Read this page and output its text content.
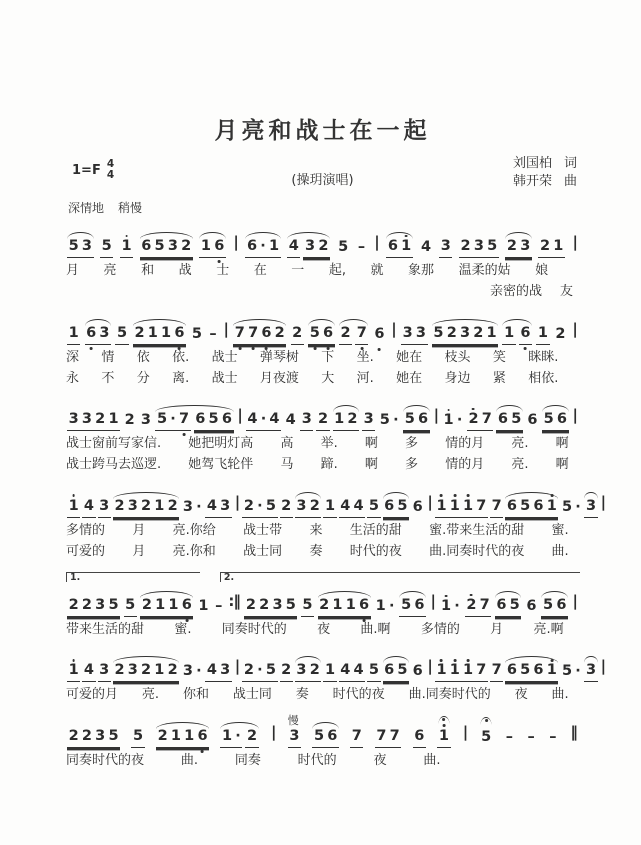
月亮和战士在一起
1=F 4
4	(操玥演唱)
刘国柏 词
韩开荣 曲
深情地 稍慢
5 3 5 1 6 5 3 2 1 6 | 6 · 1 4 3 2 5 – | 6 1 4 3 2 3 5 2 3 2 1 |
月 亮 和 战 士 在 一 起, 就 象那 温柔的姑 娘
亲密的战 友
1 6 3 5 2 1 1 6 5 – | 7 7 6 2 2 5 6 2 7 6 | 3 3 5 2 3 2 1 1 6 1 2 |
深 情 依 依. 战士 弹琴树 下 坐. 她在 枝头 笑 眯眯.
永 不 分 离. 战士 月夜渡 大 河. 她在 身边 紧 相依.
3 3 2 1 2 3 5 · 7 6 5 6 | 4 · 4 4 3 2 1 2 3 5 · 5 6 | 1 · 2 7 6 5 6 5 6 |
战士窗前写家信. 她把明灯高 高 举. 啊 多 情的月 亮. 啊
战士跨马去巡逻. 她驾飞轮伴 马 蹄. 啊 多 情的月 亮. 啊
1 4 3 2 3 2 1 2 3 · 4 3 | 2 · 5 2 3 2 1 4 4 5 6 5 6 | 1 1 1 7 7 6 5 6 1 5 · 3 |
多情的 月 亮.你给 战士带 来 生活的甜 蜜.带来生活的甜 蜜.
可爱的 月 亮.你和 战士同 奏 时代的夜 曲.同奏时代的夜 曲.
1.	2.
2 2 3 5 5 2 1 1 6 1 – :‖ 2 2 3 5 5 2 1 1 6 1 · 5 6 | 1 · 2 7 6 5 6 5 6 |
带来生活的甜 蜜. 同奏时代的 夜 曲.啊 多情的 月 亮.啊
1 4 3 2 3 2 1 2 3 · 4 3 | 2 · 5 2 3 2 1 4 4 5 6 5 6 | 1 1 1 7 7 6 5 6 1 5 · 3 |
可爱的月 亮. 你和 战士同 奏 时代的夜 曲.同奏时代的 夜 曲.
2 2 3 5 5 2 1 1 6 1 · 2 |
慢
3 5 6 7 7 7 6 1 | 5 – – – ‖
同奏时代的夜	曲.	同奏	时代的	夜	曲.
